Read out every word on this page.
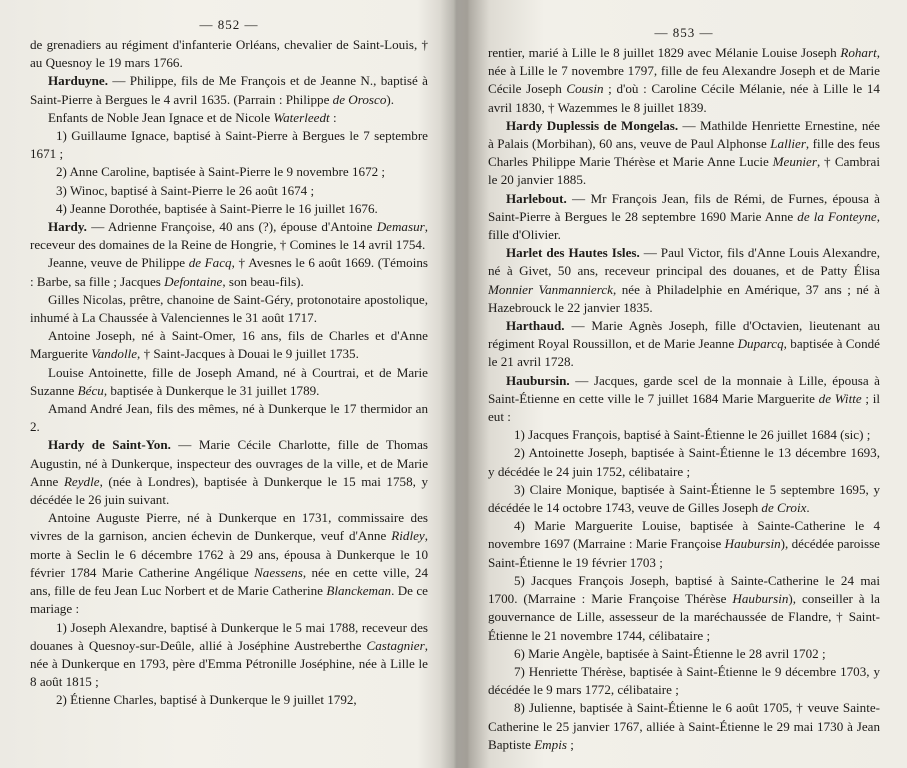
— 852 —

de grenadiers au régiment d'infanterie Orléans, chevalier de Saint-Louis, † au Quesnoy le 19 mars 1766.

Harduyne. — Philippe, fils de Me François et de Jeanne N., baptisé à Saint-Pierre à Bergues le 4 avril 1635. (Parrain : Philippe de Orosco).

Enfants de Noble Jean Ignace et de Nicole Waterleedt :

1) Guillaume Ignace, baptisé à Saint-Pierre à Bergues le 7 septembre 1671 ;

2) Anne Caroline, baptisée à Saint-Pierre le 9 novembre 1672 ;

3) Winoc, baptisé à Saint-Pierre le 26 août 1674 ;

4) Jeanne Dorothée, baptisée à Saint-Pierre le 16 juillet 1676.

Hardy. — Adrienne Françoise, 40 ans (?), épouse d'Antoine Demasur, receveur des domaines de la Reine de Hongrie, † Comines le 14 avril 1754.

Jeanne, veuve de Philippe de Facq, † Avesnes le 6 août 1669. (Témoins : Barbe, sa fille ; Jacques Defontaine, son beau-fils).

Gilles Nicolas, prêtre, chanoine de Saint-Géry, protonotaire apostolique, inhumé à La Chaussée à Valenciennes le 31 août 1717.

Antoine Joseph, né à Saint-Omer, 16 ans, fils de Charles et d'Anne Marguerite Vandolle, † Saint-Jacques à Douai le 9 juillet 1735.

Louise Antoinette, fille de Joseph Amand, né à Courtrai, et de Marie Suzanne Bécu, baptisée à Dunkerque le 31 juillet 1789.

Amand André Jean, fils des mêmes, né à Dunkerque le 17 thermidor an 2.

Hardy de Saint-Yon. — Marie Cécile Charlotte, fille de Thomas Augustin, né à Dunkerque, inspecteur des ouvrages de la ville, et de Marie Anne Reydle, (née à Londres), baptisée à Dunkerque le 15 mai 1758, y décédée le 26 juin suivant.

Antoine Auguste Pierre, né à Dunkerque en 1731, commissaire des vivres de la garnison, ancien échevin de Dunkerque, veuf d'Anne Ridley, morte à Seclin le 6 décembre 1762 à 29 ans, épousa à Dunkerque le 10 février 1784 Marie Catherine Angélique Naessens, née en cette ville, 24 ans, fille de feu Jean Luc Norbert et de Marie Catherine Blanckeman. De ce mariage :

1) Joseph Alexandre, baptisé à Dunkerque le 5 mai 1788, receveur des douanes à Quesnoy-sur-Deûle, allié à Joséphine Austreberthe Castagnier, née à Dunkerque en 1793, père d'Emma Pétronille Joséphine, née à Lille le 8 août 1815 ;

2) Étienne Charles, baptisé à Dunkerque le 9 juillet 1792,

— 853 —

rentier, marié à Lille le 8 juillet 1829 avec Mélanie Louise Joseph Rohart, née à Lille le 7 novembre 1797, fille de feu Alexandre Joseph et de Marie Cécile Joseph Cousin ; d'où : Caroline Cécile Mélanie, née à Lille le 14 avril 1830, † Wazemmes le 8 juillet 1839.

Hardy Duplessis de Mongelas. — Mathilde Henriette Ernestine, née à Palais (Morbihan), 60 ans, veuve de Paul Alphonse Lallier, fille des feus Charles Philippe Marie Thérèse et Marie Anne Lucie Meunier, † Cambrai le 20 janvier 1885.

Harlebout. — Mr François Jean, fils de Rémi, de Furnes, épousa à Saint-Pierre à Bergues le 28 septembre 1690 Marie Anne de la Fonteyne, fille d'Olivier.

Harlet des Hautes Isles. — Paul Victor, fils d'Anne Louis Alexandre, né à Givet, 50 ans, receveur principal des douanes, et de Patty Élisa Monnier Vanmannierck, née à Philadelphie en Amérique, 37 ans ; né à Hazebrouck le 22 janvier 1835.

Harthaud. — Marie Agnès Joseph, fille d'Octavien, lieutenant au régiment Royal Roussillon, et de Marie Jeanne Duparcq, baptisée à Condé le 21 avril 1728.

Haubursin. — Jacques, garde scel de la monnaie à Lille, épousa à Saint-Étienne en cette ville le 7 juillet 1684 Marie Marguerite de Witte ; il eut :

1) Jacques François, baptisé à Saint-Étienne le 26 juillet 1684 (sic) ;

2) Antoinette Joseph, baptisée à Saint-Étienne le 13 décembre 1693, y décédée le 24 juin 1752, célibataire ;

3) Claire Monique, baptisée à Saint-Étienne le 5 septembre 1695, y décédée le 14 octobre 1743, veuve de Gilles Joseph de Croix.

4) Marie Marguerite Louise, baptisée à Sainte-Catherine le 4 novembre 1697 (Marraine : Marie Françoise Haubursin), décédée paroisse Saint-Étienne le 19 février 1703 ;

5) Jacques François Joseph, baptisé à Sainte-Catherine le 24 mai 1700. (Marraine : Marie Françoise Thérèse Haubursin), conseiller à la gouvernance de Lille, assesseur de la maréchaussée de Flandre, † Saint-Étienne le 21 novembre 1744, célibataire ;

6) Marie Angèle, baptisée à Saint-Étienne le 28 avril 1702 ;

7) Henriette Thérèse, baptisée à Saint-Étienne le 9 décembre 1703, y décédée le 9 mars 1772, célibataire ;

8) Julienne, baptisée à Saint-Étienne le 6 août 1705, † veuve Sainte-Catherine le 25 janvier 1767, alliée à Saint-Étienne le 29 mai 1730 à Jean Baptiste Empis ;
